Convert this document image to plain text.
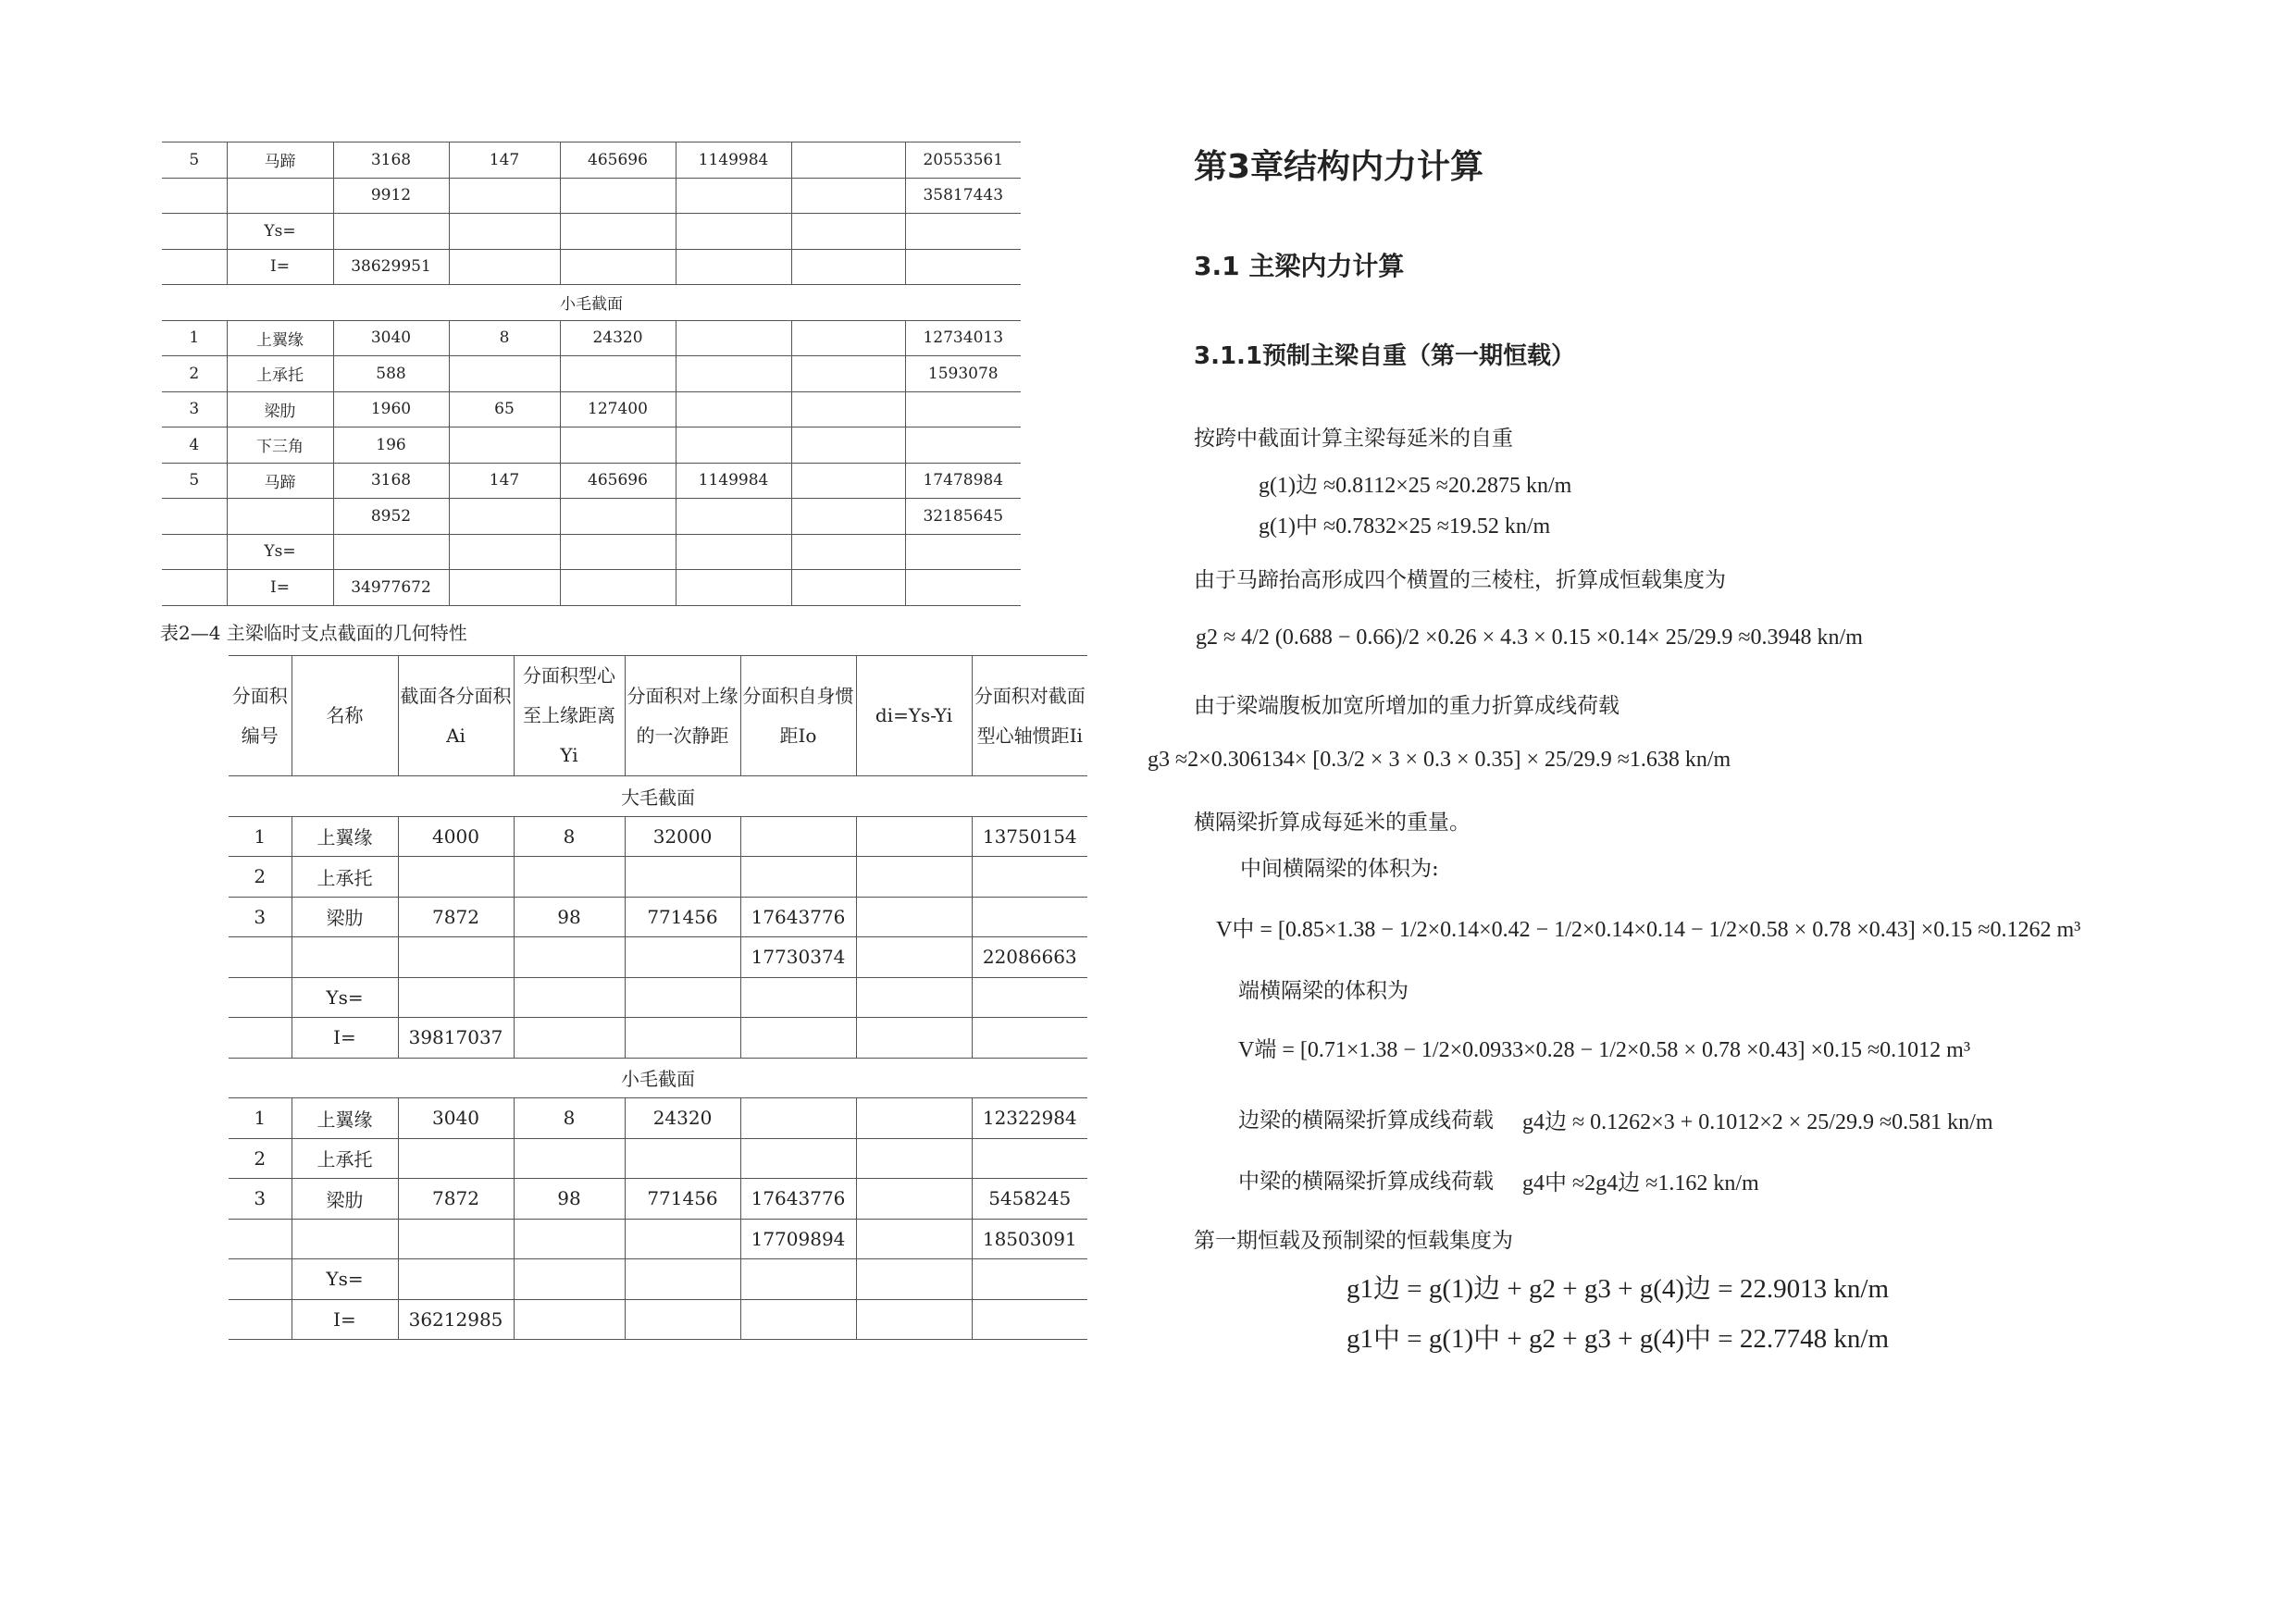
5	马蹄	3168	147	465696	1149984		20553561
		9912					35817443
	Ys=						
	I=	38629951					
小毛截面							
1	上翼缘	3040	8	24320			12734013
2	上承托	588					1593078
3	梁肋	1960	65	127400			
4	下三角	196					
5	马蹄	3168	147	465696	1149984		17478984
		8952					32185645
	Ys=						
	I=	34977672					
表2—4 主梁临时支点截面的几何特性
分面积编号	名称	截面各分面积Ai	分面积型心至上缘距离Yi	分面积对上缘的一次静距	分面积自身惯距Io	di=Ys-Yi	分面积对截面型心轴惯距Ii
大毛截面							
1	上翼缘	4000	8	32000			13750154
2	上承托						
3	梁肋	7872	98	771456	17643776		
					17730374		22086663
	Ys=						
	I=	39817037					
小毛截面							
1	上翼缘	3040	8	24320			12322984
2	上承托						
3	梁肋	7872	98	771456	17643776		5458245
					17709894		18503091
	Ys=						
	I=	36212985					
第3章结构内力计算
3.1 主梁内力计算
3.1.1预制主梁自重（第一期恒载）
按跨中截面计算主梁每延米的自重
g(1)边 ≈0.8112×25 ≈20.2875 kn/m
g(1)中 ≈0.7832×25 ≈19.52 kn/m
由于马蹄抬高形成四个横置的三棱柱，折算成恒载集度为
g2 ≈ 4/2 (0.688 − 0.66)/2 ×0.26 × 4.3 × 0.15 ×0.14× 25/29.9 ≈0.3948 kn/m
由于梁端腹板加宽所增加的重力折算成线荷载
g3 ≈2×0.306134× [0.3/2 × 3 × 0.3 × 0.35] × 25/29.9 ≈1.638 kn/m
横隔梁折算成每延米的重量。
中间横隔梁的体积为:
V中 = [0.85×1.38 − 1/2×0.14×0.42 − 1/2×0.14×0.14 − 1/2×0.58 × 0.78 ×0.43] ×0.15 ≈0.1262 m³
端横隔梁的体积为
V端 = [0.71×1.38 − 1/2×0.0933×0.28 − 1/2×0.58 × 0.78 ×0.43] ×0.15 ≈0.1012 m³
边梁的横隔梁折算成线荷载 g4边 ≈ 0.1262×3 + 0.1012×2 × 25/29.9 ≈0.581 kn/m
中梁的横隔梁折算成线荷载 g4中 ≈2g4边 ≈1.162 kn/m
第一期恒载及预制梁的恒载集度为
g1边 = g(1)边 + g2 + g3 + g(4)边 = 22.9013 kn/m
g1中 = g(1)中 + g2 + g3 + g(4)中 = 22.7748 kn/m
